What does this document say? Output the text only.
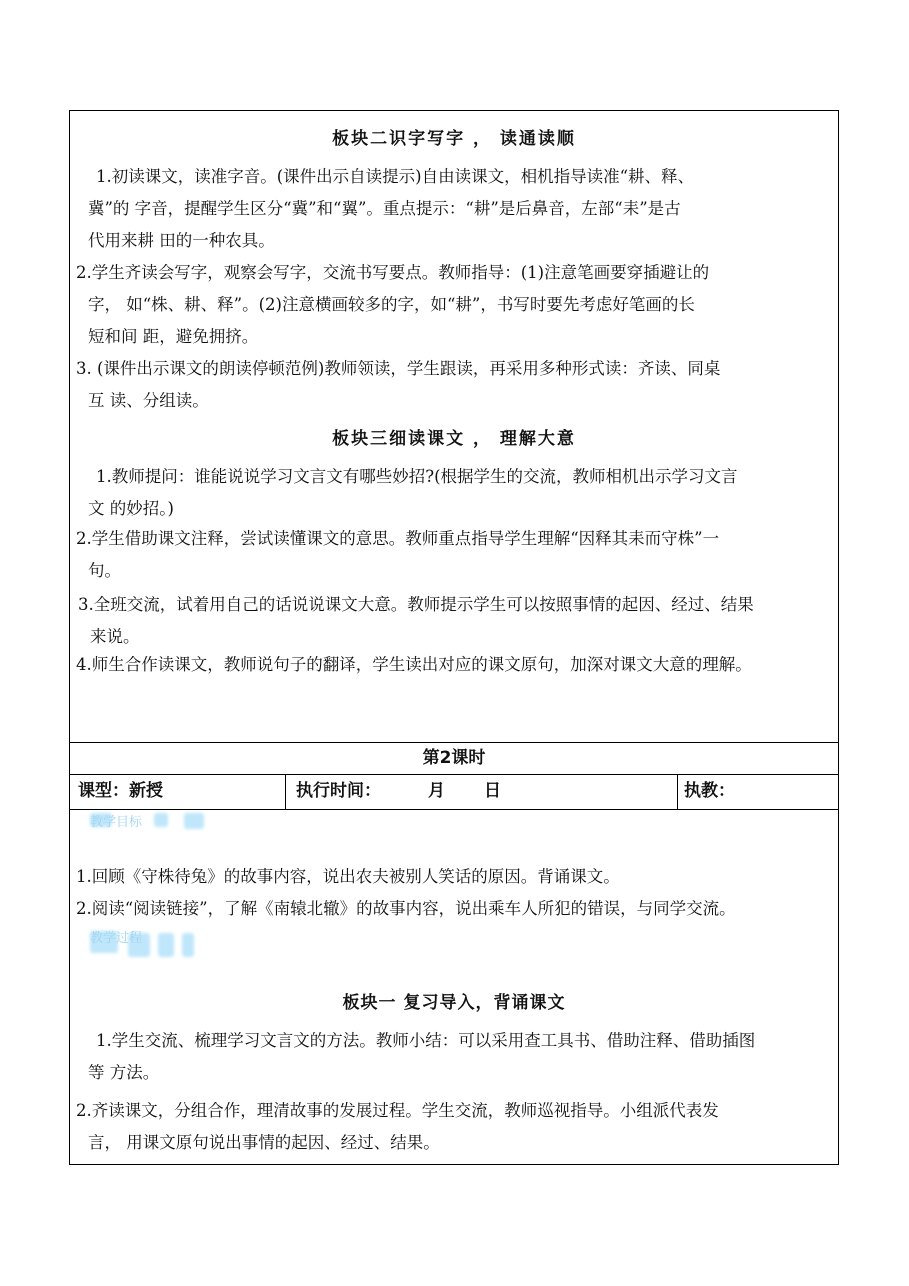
板块二识字写字 ， 读通读顺
1.初读课文，读准字音。(课件出示自读提示)自由读课文，相机指导读准“耕、释、
冀”的 字音，提醒学生区分“冀”和“翼”。重点提示：“耕”是后鼻音，左部“耒”是古
代用来耕 田的一种农具。
2.学生齐读会写字，观察会写字，交流书写要点。教师指导：(1)注意笔画要穿插避让的
字， 如“株、耕、释”。(2)注意横画较多的字，如“耕”，书写时要先考虑好笔画的长
短和间 距，避免拥挤。
3. (课件出示课文的朗读停顿范例)教师领读，学生跟读，再采用多种形式读：齐读、同桌
互 读、分组读。
板块三细读课文 ， 理解大意
1.教师提问：谁能说说学习文言文有哪些妙招?(根据学生的交流，教师相机出示学习文言
文 的妙招。)
2.学生借助课文注释，尝试读懂课文的意思。教师重点指导学生理解“因释其耒而守株”一
句。
3.全班交流，试着用自己的话说说课文大意。教师提示学生可以按照事情的起因、经过、结果
来说。
4.师生合作读课文，教师说句子的翻译，学生读出对应的课文原句，加深对课文大意的理解。
第2课时
课型：新授	执行时间：	月 日	执教：
教学目标
1.回顾《守株待兔》的故事内容，说出农夫被别人笑话的原因。背诵课文。
2.阅读“阅读链接”，了解《南辕北辙》的故事内容，说出乘车人所犯的错误，与同学交流。
教学过程
板块一 复习导入，背诵课文
1.学生交流、梳理学习文言文的方法。教师小结：可以采用查工具书、借助注释、借助插图
等 方法。
2.齐读课文，分组合作，理清故事的发展过程。学生交流，教师巡视指导。小组派代表发
言， 用课文原句说出事情的起因、经过、结果。
